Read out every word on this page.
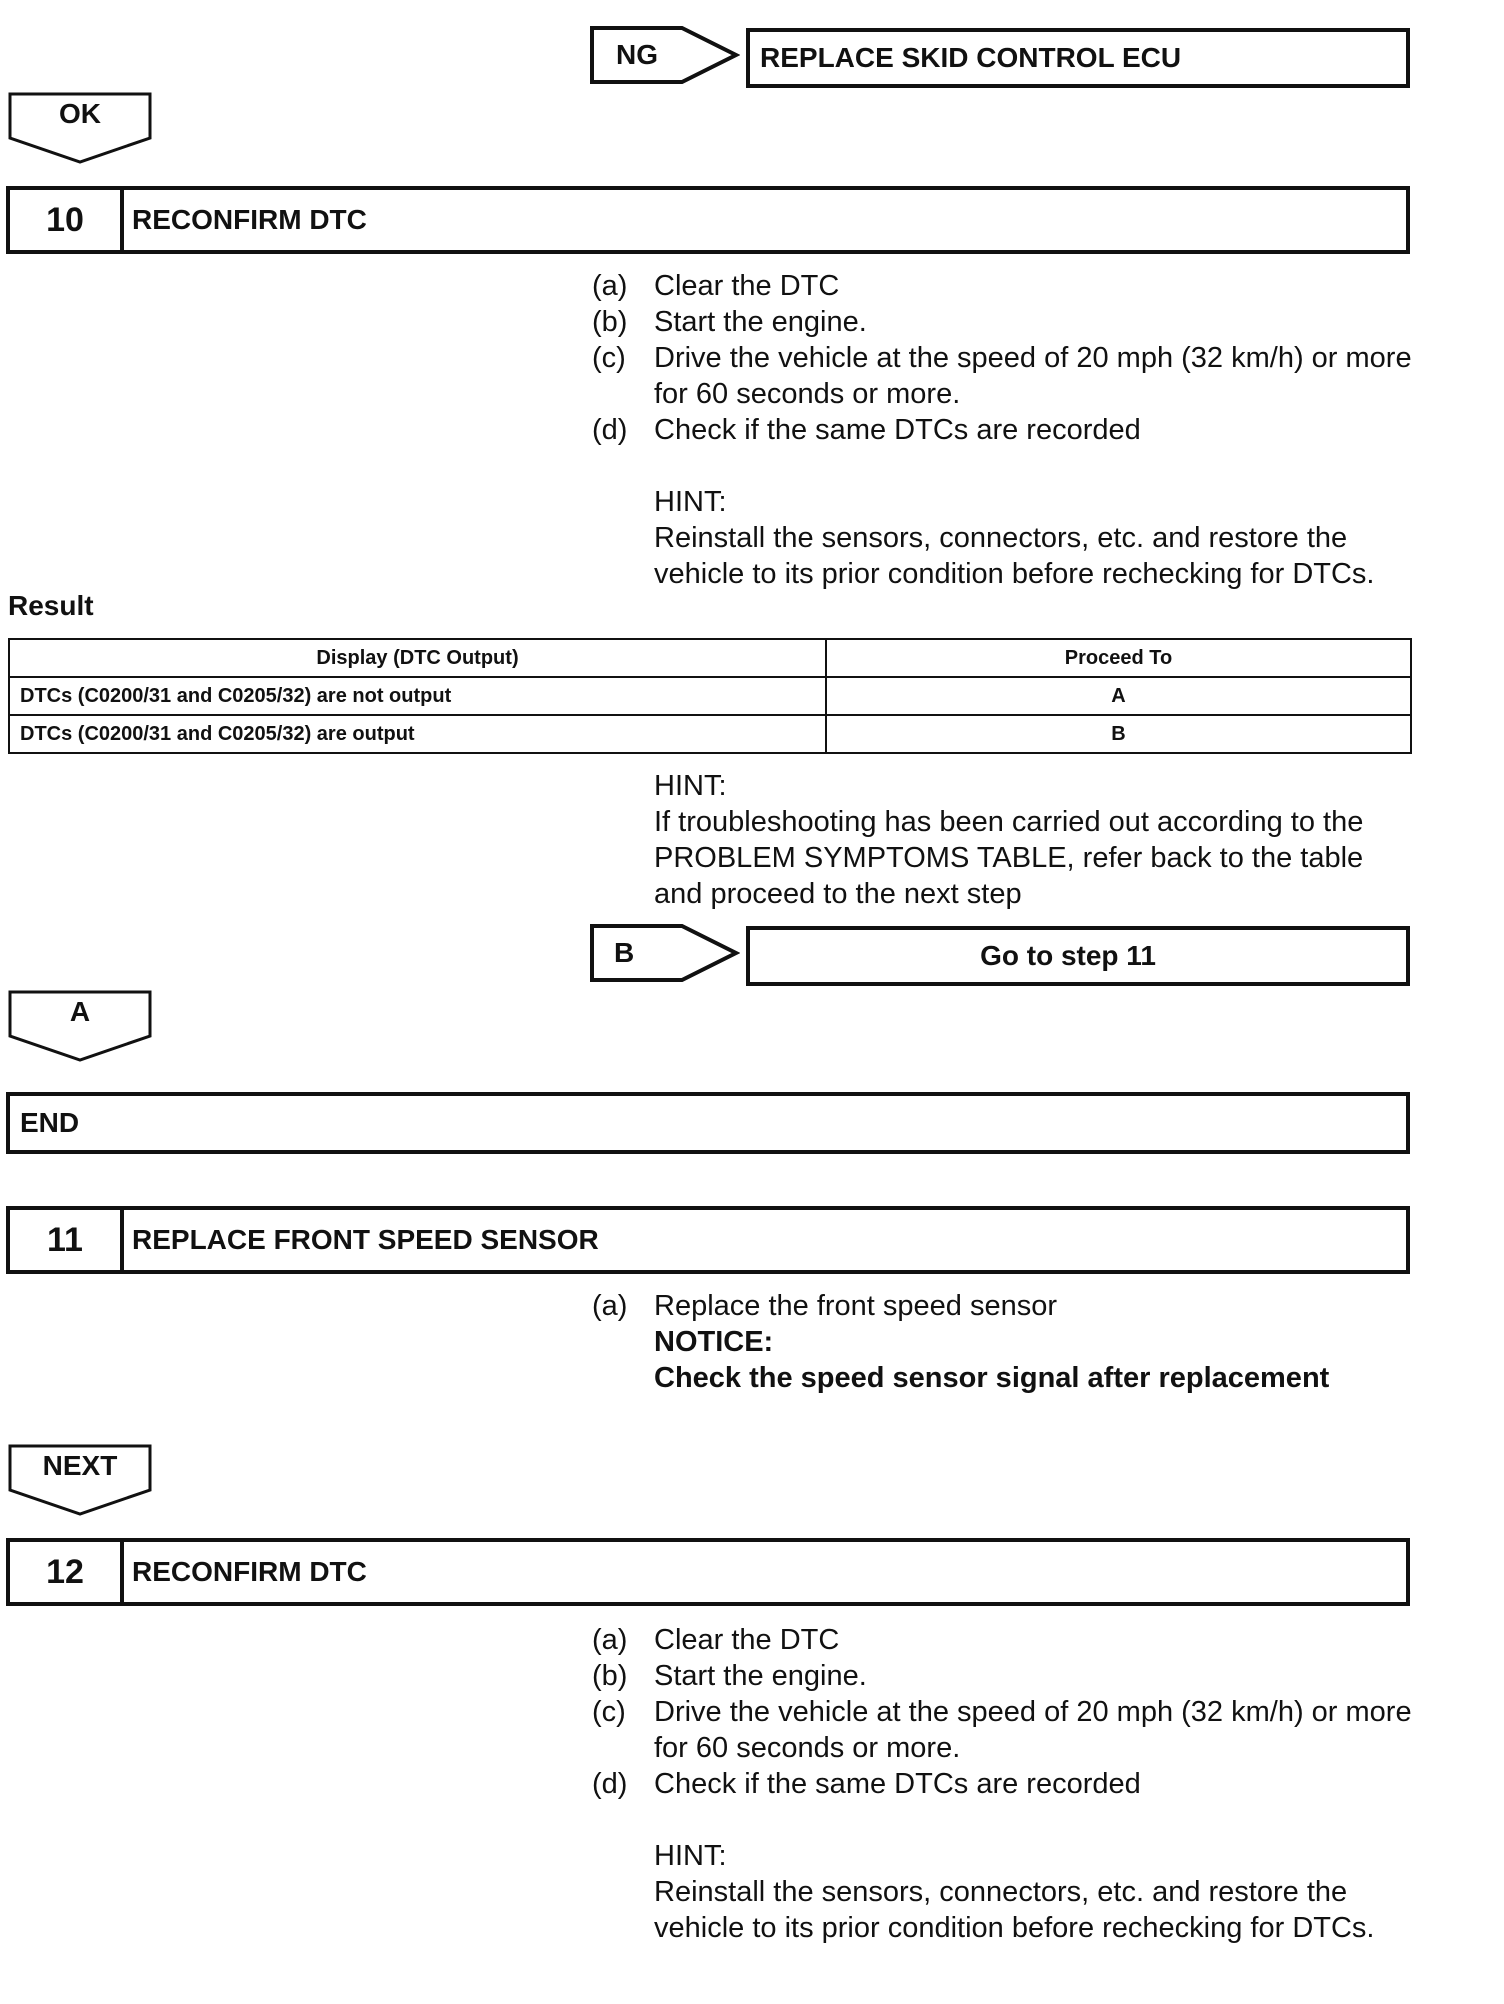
NG	REPLACE SKID CONTROL ECU
OK
10	RECONFIRM DTC
(a) Clear the DTC
(b) Start the engine.
(c) Drive the vehicle at the speed of 20 mph (32 km/h) or more for 60 seconds or more.
(d) Check if the same DTCs are recorded
HINT:
Reinstall the sensors, connectors, etc. and restore the vehicle to its prior condition before rechecking for DTCs.
Result
Display (DTC Output)	Proceed To
DTCs (C0200/31 and C0205/32) are not output	A
DTCs (C0200/31 and C0205/32) are output	B
HINT:
If troubleshooting has been carried out according to the PROBLEM SYMPTOMS TABLE, refer back to the table and proceed to the next step
B	Go to step 11
A
END
11	REPLACE FRONT SPEED SENSOR
(a) Replace the front speed sensor
NOTICE:
Check the speed sensor signal after replacement
NEXT
12	RECONFIRM DTC
(a) Clear the DTC
(b) Start the engine.
(c) Drive the vehicle at the speed of 20 mph (32 km/h) or more for 60 seconds or more.
(d) Check if the same DTCs are recorded
HINT:
Reinstall the sensors, connectors, etc. and restore the vehicle to its prior condition before rechecking for DTCs.
